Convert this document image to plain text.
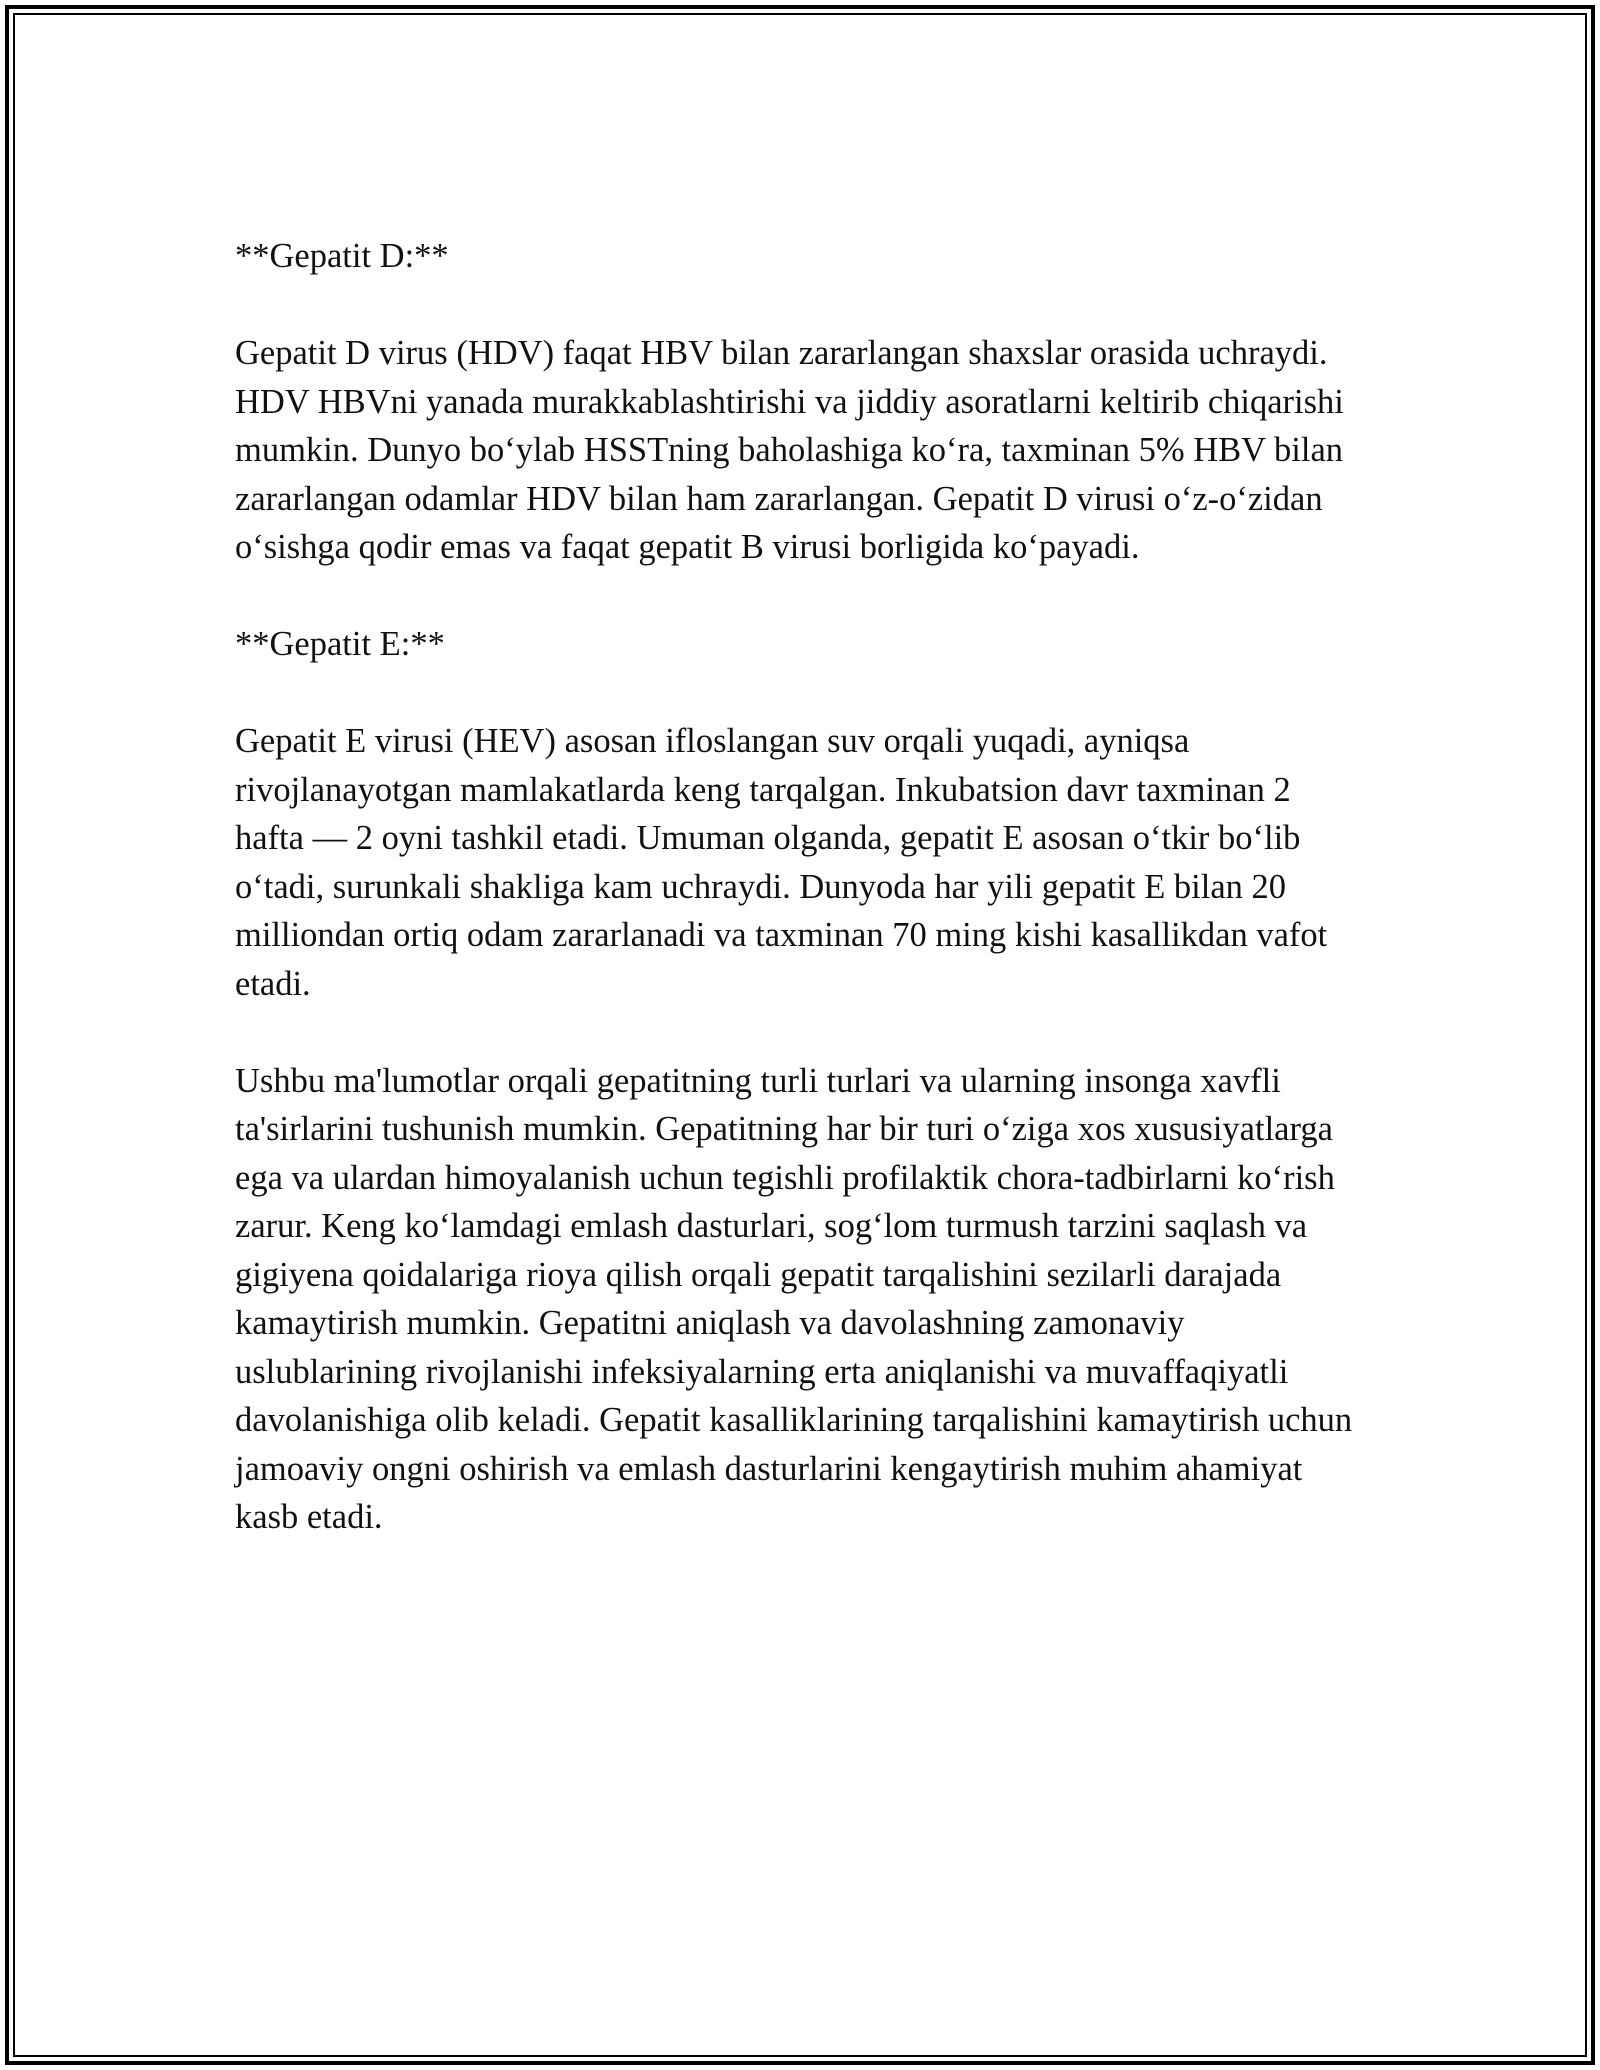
**Gepatit D:**

Gepatit D virus (HDV) faqat HBV bilan zararlangan shaxslar orasida uchraydi. HDV HBVni yanada murakkablashtirishi va jiddiy asoratlarni keltirib chiqarishi mumkin. Dunyo bo‘ylab HSSTning baholashiga ko‘ra, taxminan 5% HBV bilan zararlangan odamlar HDV bilan ham zararlangan. Gepatit D virusi o‘z-o‘zidan o‘sishga qodir emas va faqat gepatit B virusi borligida ko‘payadi.

**Gepatit E:**

Gepatit E virusi (HEV) asosan ifloslangan suv orqali yuqadi, ayniqsa rivojlanayotgan mamlakatlarda keng tarqalgan. Inkubatsion davr taxminan 2 hafta — 2 oyni tashkil etadi. Umuman olganda, gepatit E asosan o‘tkir bo‘lib o‘tadi, surunkali shakliga kam uchraydi. Dunyoda har yili gepatit E bilan 20 milliondan ortiq odam zararlanadi va taxminan 70 ming kishi kasallikdan vafot etadi.

Ushbu ma'lumotlar orqali gepatitning turli turlari va ularning insonga xavfli ta'sirlarini tushunish mumkin. Gepatitning har bir turi o‘ziga xos xususiyatlarga ega va ulardan himoyalanish uchun tegishli profilaktik chora-tadbirlarni ko‘rish zarur. Keng ko‘lamdagi emlash dasturlari, sog‘lom turmush tarzini saqlash va gigiyena qoidalariga rioya qilish orqali gepatit tarqalishini sezilarli darajada kamaytirish mumkin. Gepatitni aniqlash va davolashning zamonaviy uslublarining rivojlanishi infeksiyalarning erta aniqlanishi va muvaffaqiyatli davolanishiga olib keladi. Gepatit kasalliklarining tarqalishini kamaytirish uchun jamoaviy ongni oshirish va emlash dasturlarini kengaytirish muhim ahamiyat kasb etadi.
